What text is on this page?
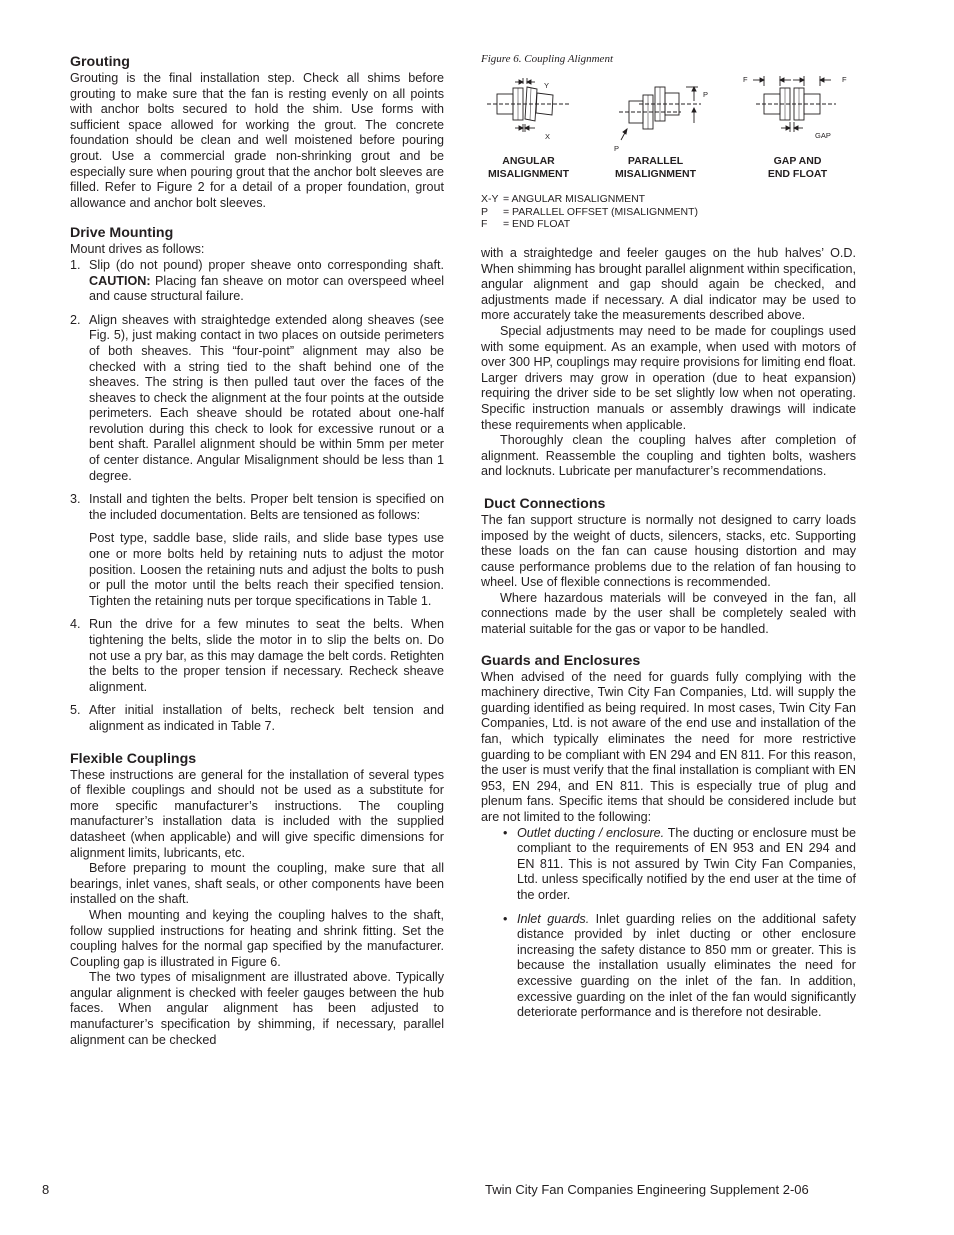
Grouting

Grouting is the final installation step. Check all shims before grouting to make sure that the fan is resting evenly on all points with anchor bolts secured to hold the shim. Use forms with sufficient space allowed for working the grout. The concrete foundation should be clean and well moistened before pouring grout. Use a commercial grade non-shrinking grout and be especially sure when pouring grout that the anchor bolt sleeves are filled. Refer to Figure 2 for a detail of a proper foundation, grout allowance and anchor bolt sleeves.

Drive Mounting

Mount drives as follows:

1. Slip (do not pound) proper sheave onto corresponding shaft. CAUTION: Placing fan sheave on motor can overspeed wheel and cause structural failure.
2. Align sheaves with straightedge extended along sheaves (see Fig. 5), just making contact in two places on outside perimeters of both sheaves. This “four-point” alignment may also be checked with a string tied to the shaft behind one of the sheaves. The string is then pulled taut over the faces of the sheaves to check the alignment at the four points at the outside perimeters. Each sheave should be rotated about one-half revolution during this check to look for excessive runout or a bent shaft. Parallel alignment should be within 5mm per meter of center distance. Angular Misalignment should be less than 1 degree.
3. Install and tighten the belts. Proper belt tension is specified on the included documentation. Belts are tensioned as follows:

Post type, saddle base, slide rails, and slide base types use one or more bolts held by retaining nuts to adjust the motor position. Loosen the retaining nuts and adjust the bolts to push or pull the motor until the belts reach their specified tension. Tighten the retaining nuts per torque specifications in Table 1.

4. Run the drive for a few minutes to seat the belts. When tightening the belts, slide the motor in to slip the belts on. Do not use a pry bar, as this may damage the belt cords. Retighten the belts to the proper tension if necessary. Recheck sheave alignment.
5. After initial installation of belts, recheck belt tension and alignment as indicated in Table 7.
Flexible Couplings

These instructions are general for the installation of several types of flexible couplings and should not be used as a substitute for more specific manufacturer’s instructions. The coupling manufacturer’s installation data is included with the supplied datasheet (when applicable) and will give specific dimensions for alignment limits, lubricants, etc.

Before preparing to mount the coupling, make sure that all bearings, inlet vanes, shaft seals, or other components have been installed on the shaft.

When mounting and keying the coupling halves to the shaft, follow supplied instructions for heating and shrink fitting. Set the coupling halves for the normal gap specified by the manufacturer. Coupling gap is illustrated in Figure 6.

The two types of misalignment are illustrated above. Typically angular alignment is checked with feeler gauges between the hub faces. When angular alignment has been adjusted to manufacturer’s specification by shimming, if necessary, parallel alignment can be checked

Figure 6. Coupling Alignment
Y
X
P
P
F	F
GAP
ANGULAR
MISALIGNMENT
PARALLEL
MISALIGNMENT
GAP AND
END FLOAT
X-Y = ANGULAR MISALIGNMENT
P = PARALLEL OFFSET (MISALIGNMENT)
F = END FLOAT

with a straightedge and feeler gauges on the hub halves’ O.D. When shimming has brought parallel alignment within specification, angular alignment and gap should again be checked, and adjustments made if necessary. A dial indicator may be used to more accurately take the measurements described above.

Special adjustments may need to be made for couplings used with some equipment. As an example, when used with motors of over 300 HP, couplings may require provisions for limiting end float. Larger drivers may grow in operation (due to heat expansion) requiring the driver side to be set slightly low when not operating. Specific instruction manuals or assembly drawings will indicate these requirements when applicable.

Thoroughly clean the coupling halves after completion of alignment. Reassemble the coupling and tighten bolts, washers and locknuts. Lubricate per manufacturer’s recommendations.

Duct Connections

The fan support structure is normally not designed to carry loads imposed by the weight of ducts, silencers, stacks, etc. Supporting these loads on the fan can cause housing distortion and may cause performance problems due to the relation of fan housing to wheel. Use of flexible connections is recommended.

Where hazardous materials will be conveyed in the fan, all connections made by the user shall be completely sealed with material suitable for the gas or vapor to be handled.

Guards and Enclosures

When advised of the need for guards fully complying with the machinery directive, Twin City Fan Companies, Ltd. will supply the guarding identified as being required. In most cases, Twin City Fan Companies, Ltd. is not aware of the end use and installation of the fan, which typically eliminates the need for more restrictive guarding to be compliant with EN 294 and EN 811. For this reason, the user is must verify that the final installation is compliant with EN 953, EN 294, and EN 811. This is especially true of plug and plenum fans. Specific items that should be considered include but are not limited to the following:

• Outlet ducting / enclosure. The ducting or enclosure must be compliant to the requirements of EN 953 and EN 294 and EN 811. This is not assured by Twin City Fan Companies, Ltd. unless specifically notified by the end user at the time of the order.
• Inlet guards. Inlet guarding relies on the additional safety distance provided by inlet ducting or other enclosure increasing the safety distance to 850 mm or greater. This is because the installation usually eliminates the need for excessive guarding on the inlet of the fan. In addition, excessive guarding on the inlet of the fan would significantly deteriorate performance and is therefore not desirable.
8	Twin City Fan Companies Engineering Supplement 2-06
